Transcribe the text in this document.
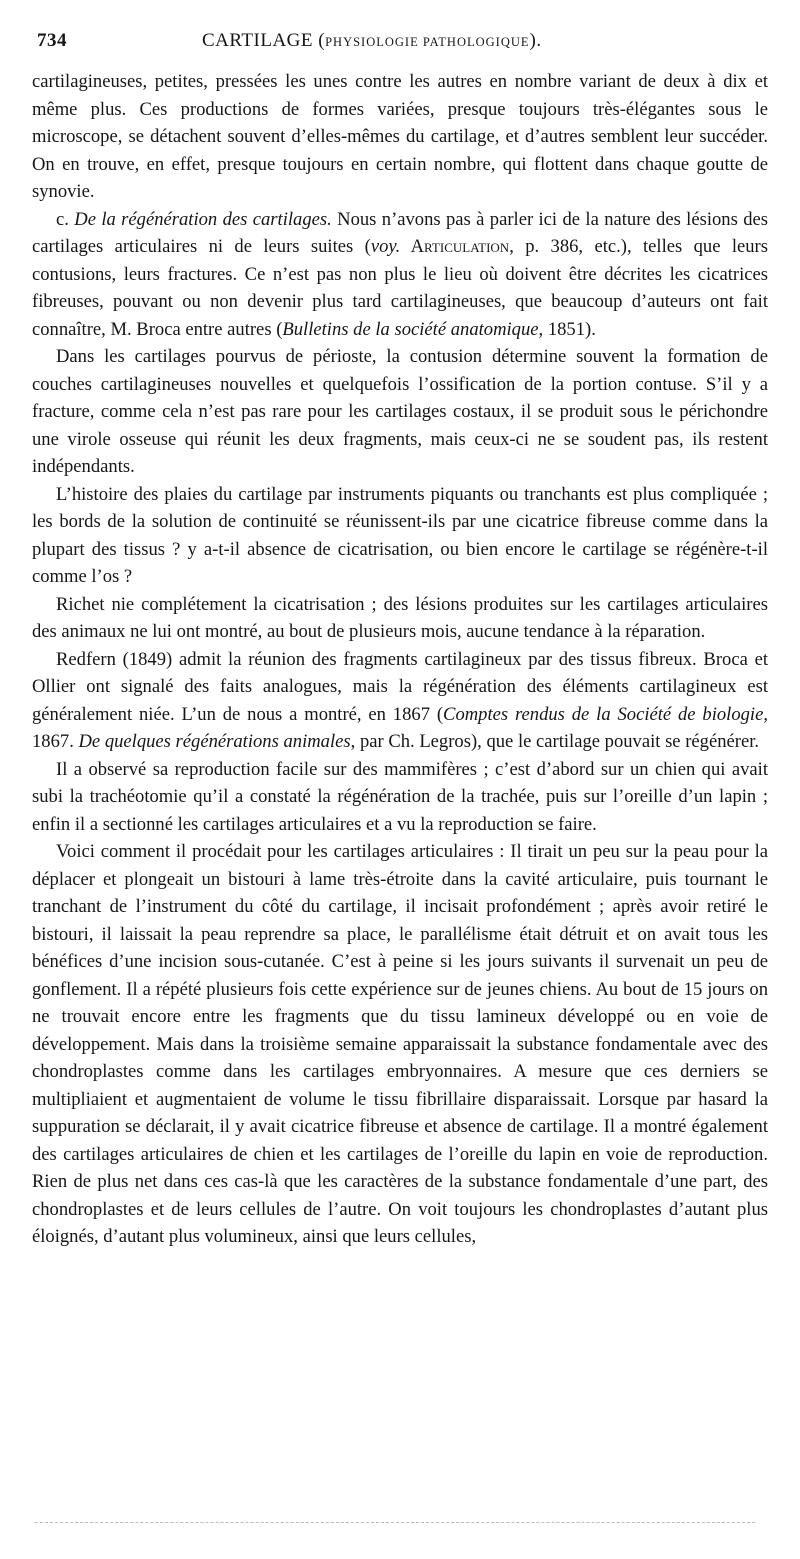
734	CARTILAGE (PHYSIOLOGIE PATHOLOGIQUE).

cartilagineuses, petites, pressées les unes contre les autres en nombre variant de deux à dix et même plus. Ces productions de formes variées, presque toujours très-élégantes sous le microscope, se détachent souvent d’elles-mêmes du cartilage, et d’autres semblent leur succéder. On en trouve, en effet, presque toujours en certain nombre, qui flottent dans chaque goutte de synovie.

c. De la régénération des cartilages. Nous n’avons pas à parler ici de la nature des lésions des cartilages articulaires ni de leurs suites (voy. Articulation, p. 386, etc.), telles que leurs contusions, leurs fractures. Ce n’est pas non plus le lieu où doivent être décrites les cicatrices fibreuses, pouvant ou non devenir plus tard cartilagineuses, que beaucoup d’auteurs ont fait connaître, M. Broca entre autres (Bulletins de la société anatomique, 1851).

Dans les cartilages pourvus de périoste, la contusion détermine souvent la formation de couches cartilagineuses nouvelles et quelquefois l’ossification de la portion contuse. S’il y a fracture, comme cela n’est pas rare pour les cartilages costaux, il se produit sous le périchondre une virole osseuse qui réunit les deux fragments, mais ceux-ci ne se soudent pas, ils restent indépendants.

L’histoire des plaies du cartilage par instruments piquants ou tranchants est plus compliquée ; les bords de la solution de continuité se réunissent-ils par une cicatrice fibreuse comme dans la plupart des tissus ? y a-t-il absence de cicatrisation, ou bien encore le cartilage se régénère-t-il comme l’os ?

Richet nie complétement la cicatrisation ; des lésions produites sur les cartilages articulaires des animaux ne lui ont montré, au bout de plusieurs mois, aucune tendance à la réparation.

Redfern (1849) admit la réunion des fragments cartilagineux par des tissus fibreux. Broca et Ollier ont signalé des faits analogues, mais la régénération des éléments cartilagineux est généralement niée. L’un de nous a montré, en 1867 (Comptes rendus de la Société de biologie, 1867. De quelques régénérations animales, par Ch. Legros), que le cartilage pouvait se régénérer.

Il a observé sa reproduction facile sur des mammifères ; c’est d’abord sur un chien qui avait subi la trachéotomie qu’il a constaté la régénération de la trachée, puis sur l’oreille d’un lapin ; enfin il a sectionné les cartilages articulaires et a vu la reproduction se faire.

Voici comment il procédait pour les cartilages articulaires : Il tirait un peu sur la peau pour la déplacer et plongeait un bistouri à lame très-étroite dans la cavité articulaire, puis tournant le tranchant de l’instrument du côté du cartilage, il incisait profondément ; après avoir retiré le bistouri, il laissait la peau reprendre sa place, le parallélisme était détruit et on avait tous les bénéfices d’une incision sous-cutanée. C’est à peine si les jours suivants il survenait un peu de gonflement. Il a répété plusieurs fois cette expérience sur de jeunes chiens. Au bout de 15 jours on ne trouvait encore entre les fragments que du tissu lamineux développé ou en voie de développement. Mais dans la troisième semaine apparaissait la substance fondamentale avec des chondroplastes comme dans les cartilages embryonnaires. A mesure que ces derniers se multipliaient et augmentaient de volume le tissu fibrillaire disparaissait. Lorsque par hasard la suppuration se déclarait, il y avait cicatrice fibreuse et absence de cartilage. Il a montré également des cartilages articulaires de chien et les cartilages de l’oreille du lapin en voie de reproduction. Rien de plus net dans ces cas-là que les caractères de la substance fondamentale d’une part, des chondroplastes et de leurs cellules de l’autre. On voit toujours les chondroplastes d’autant plus éloignés, d’autant plus volumineux, ainsi que leurs cellules,
